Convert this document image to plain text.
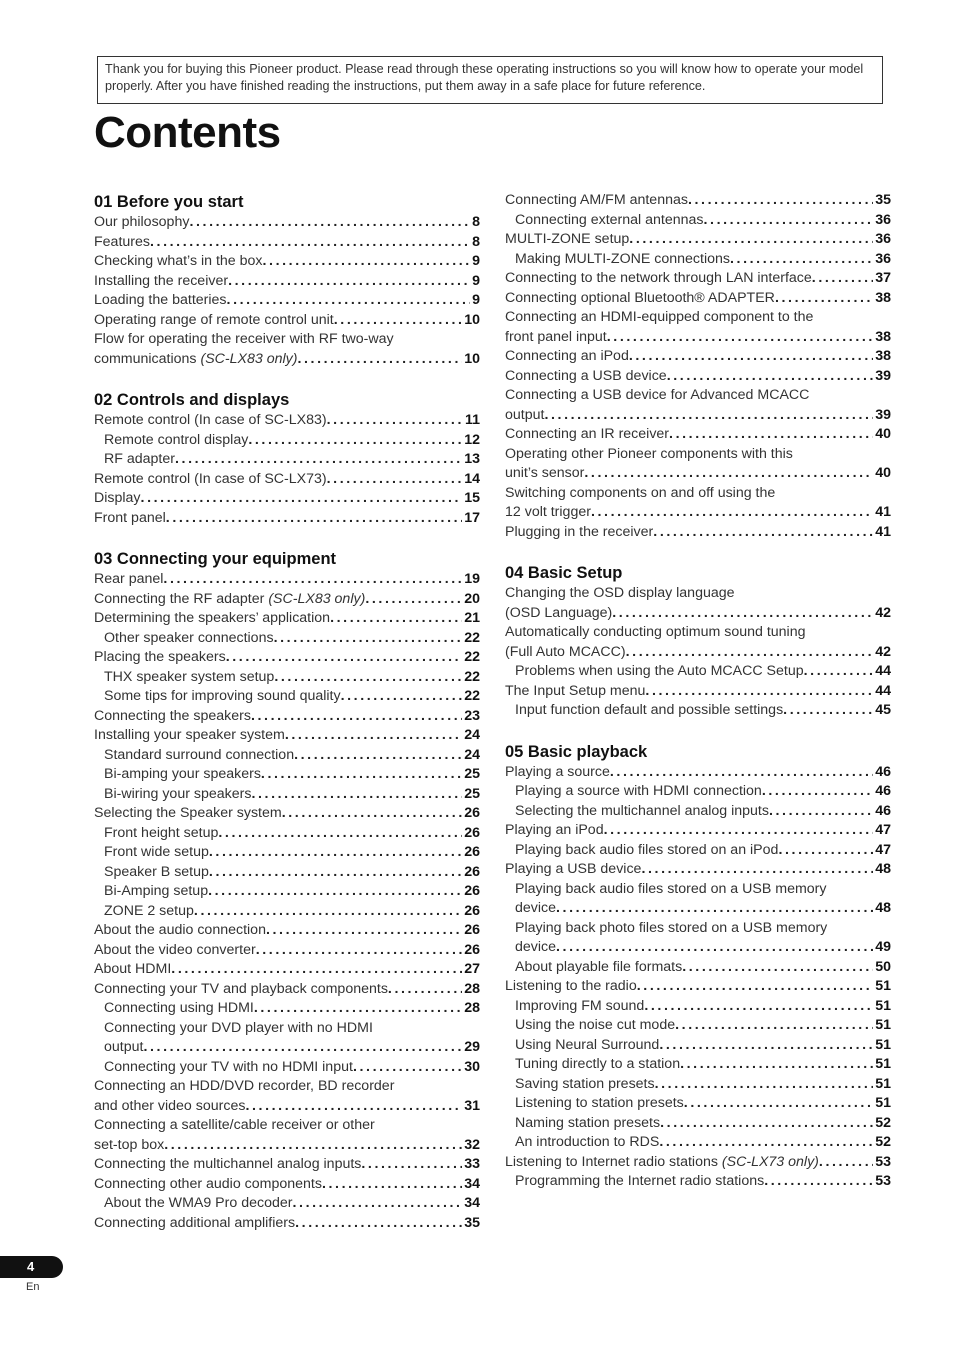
Thank you for buying this Pioneer product. Please read through these operating instructions so you will know how to operate your model properly. After you have finished reading the instructions, put them away in a safe place for future reference.
Contents
01 Before you start
Our philosophy .....	8
Features .....	8
Checking what’s in the box .....	9
Installing the receiver .....	9
Loading the batteries .....	9
Operating range of remote control unit .....	10
Flow for operating the receiver with RF two-way
communications (SC-LX83 only) .....	10
02 Controls and displays
Remote control (In case of SC-LX83) .....	11
Remote control display .....	12
RF adapter .....	13
Remote control (In case of SC-LX73) .....	14
Display .....	15
Front panel .....	17
03 Connecting your equipment
Rear panel .....	19
Connecting the RF adapter (SC-LX83 only) .....	20
Determining the speakers’ application .....	21
Other speaker connections .....	22
Placing the speakers .....	22
THX speaker system setup .....	22
Some tips for improving sound quality .....	22
Connecting the speakers .....	23
Installing your speaker system .....	24
Standard surround connection .....	24
Bi-amping your speakers .....	25
Bi-wiring your speakers .....	25
Selecting the Speaker system .....	26
Front height setup .....	26
Front wide setup .....	26
Speaker B setup .....	26
Bi-Amping setup .....	26
ZONE 2 setup .....	26
About the audio connection .....	26
About the video converter .....	26
About HDMI .....	27
Connecting your TV and playback components .....	28
Connecting using HDMI .....	28
Connecting your DVD player with no HDMI
output .....	29
Connecting your TV with no HDMI input .....	30
Connecting an HDD/DVD recorder, BD recorder
and other video sources .....	31
Connecting a satellite/cable receiver or other
set-top box .....	32
Connecting the multichannel analog inputs .....	33
Connecting other audio components .....	34
About the WMA9 Pro decoder .....	34
Connecting additional amplifiers .....	35
Connecting AM/FM antennas .....	35
Connecting external antennas .....	36
MULTI-ZONE setup .....	36
Making MULTI-ZONE connections .....	36
Connecting to the network through LAN interface .....	37
Connecting optional Bluetooth® ADAPTER .....	38
Connecting an HDMI-equipped component to the
front panel input .....	38
Connecting an iPod .....	38
Connecting a USB device .....	39
Connecting a USB device for Advanced MCACC
output .....	39
Connecting an IR receiver .....	40
Operating other Pioneer components with this
unit’s sensor .....	40
Switching components on and off using the
12 volt trigger .....	41
Plugging in the receiver .....	41
04 Basic Setup
Changing the OSD display language
(OSD Language) .....	42
Automatically conducting optimum sound tuning
(Full Auto MCACC) .....	42
Problems when using the Auto MCACC Setup .....	44
The Input Setup menu .....	44
Input function default and possible settings .....	45
05 Basic playback
Playing a source .....	46
Playing a source with HDMI connection .....	46
Selecting the multichannel analog inputs .....	46
Playing an iPod .....	47
Playing back audio files stored on an iPod .....	47
Playing a USB device .....	48
Playing back audio files stored on a USB memory
device .....	48
Playing back photo files stored on a USB memory
device .....	49
About playable file formats .....	50
Listening to the radio .....	51
Improving FM sound .....	51
Using the noise cut mode .....	51
Using Neural Surround .....	51
Tuning directly to a station .....	51
Saving station presets .....	51
Listening to station presets .....	51
Naming station presets .....	52
An introduction to RDS .....	52
Listening to Internet radio stations (SC-LX73 only) .....	53
Programming the Internet radio stations .....	53
4
En
